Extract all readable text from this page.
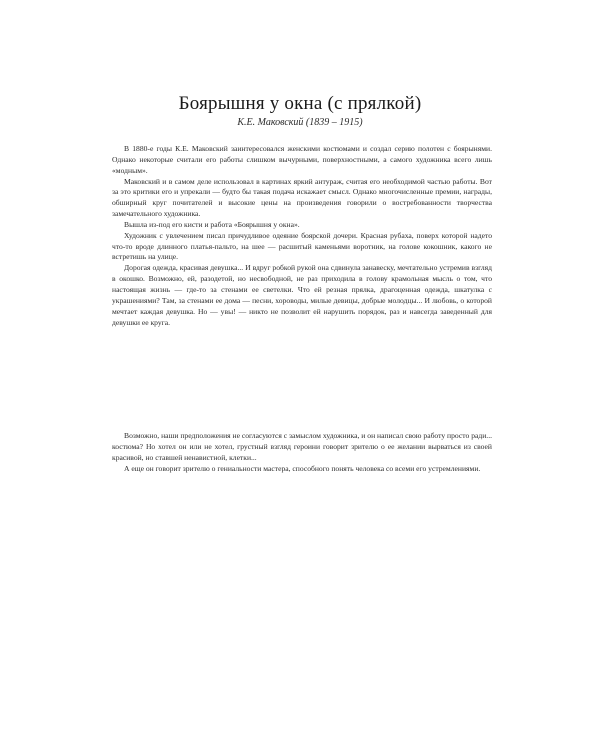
Боярышня у окна (с прялкой)
К.Е. Маковский (1839 – 1915)

В 1880-е годы К.Е. Маковский заинтересовался женскими костюмами и создал серию полотен с боярынями. Однако некоторые считали его работы слишком вычурными, поверхностными, а самого художника всего лишь «модным».

Маковский и в самом деле использовал в картинах яркий антураж, считая его необходимой частью работы. Вот за это критики его и упрекали — будто бы такая подача искажает смысл. Однако многочисленные премии, награды, обширный круг почитателей и высокие цены на произведения говорили о востребованности творчества замечательного художника.

Вышла из-под его кисти и работа «Боярышня у окна».

Художник с увлечением писал причудливое одеяние боярской дочери. Красная рубаха, поверх которой надето что-то вроде длинного платья-пальто, на шее — расшитый каменьями воротник, на голове кокошник, какого не встретишь на улице.

Дорогая одежда, красивая девушка... И вдруг робкой рукой она сдвинула занавеску, мечтательно устремив взгляд в окошко. Возможно, ей, разодетой, но несвободной, не раз приходила в голову крамольная мысль о том, что настоящая жизнь — где-то за стенами ее светелки. Что ей резная прялка, драгоценная одежда, шкатулка с украшениями? Там, за стенами ее дома — песни, хороводы, милые девицы, добрые молодцы... И любовь, о которой мечтает каждая девушка. Но — увы! — никто не позволит ей нарушить порядок, раз и навсегда заведенный для девушки ее круга.

Возможно, наши предположения не согласуются с замыслом художника, и он написал свою работу просто ради... костюма? Но хотел он или не хотел, грустный взгляд героини говорит зрителю о ее желании вырваться из своей красивой, но ставшей ненавистной, клетки...

А еще он говорит зрителю о гениальности мастера, способного понять человека со всеми его устремлениями.
